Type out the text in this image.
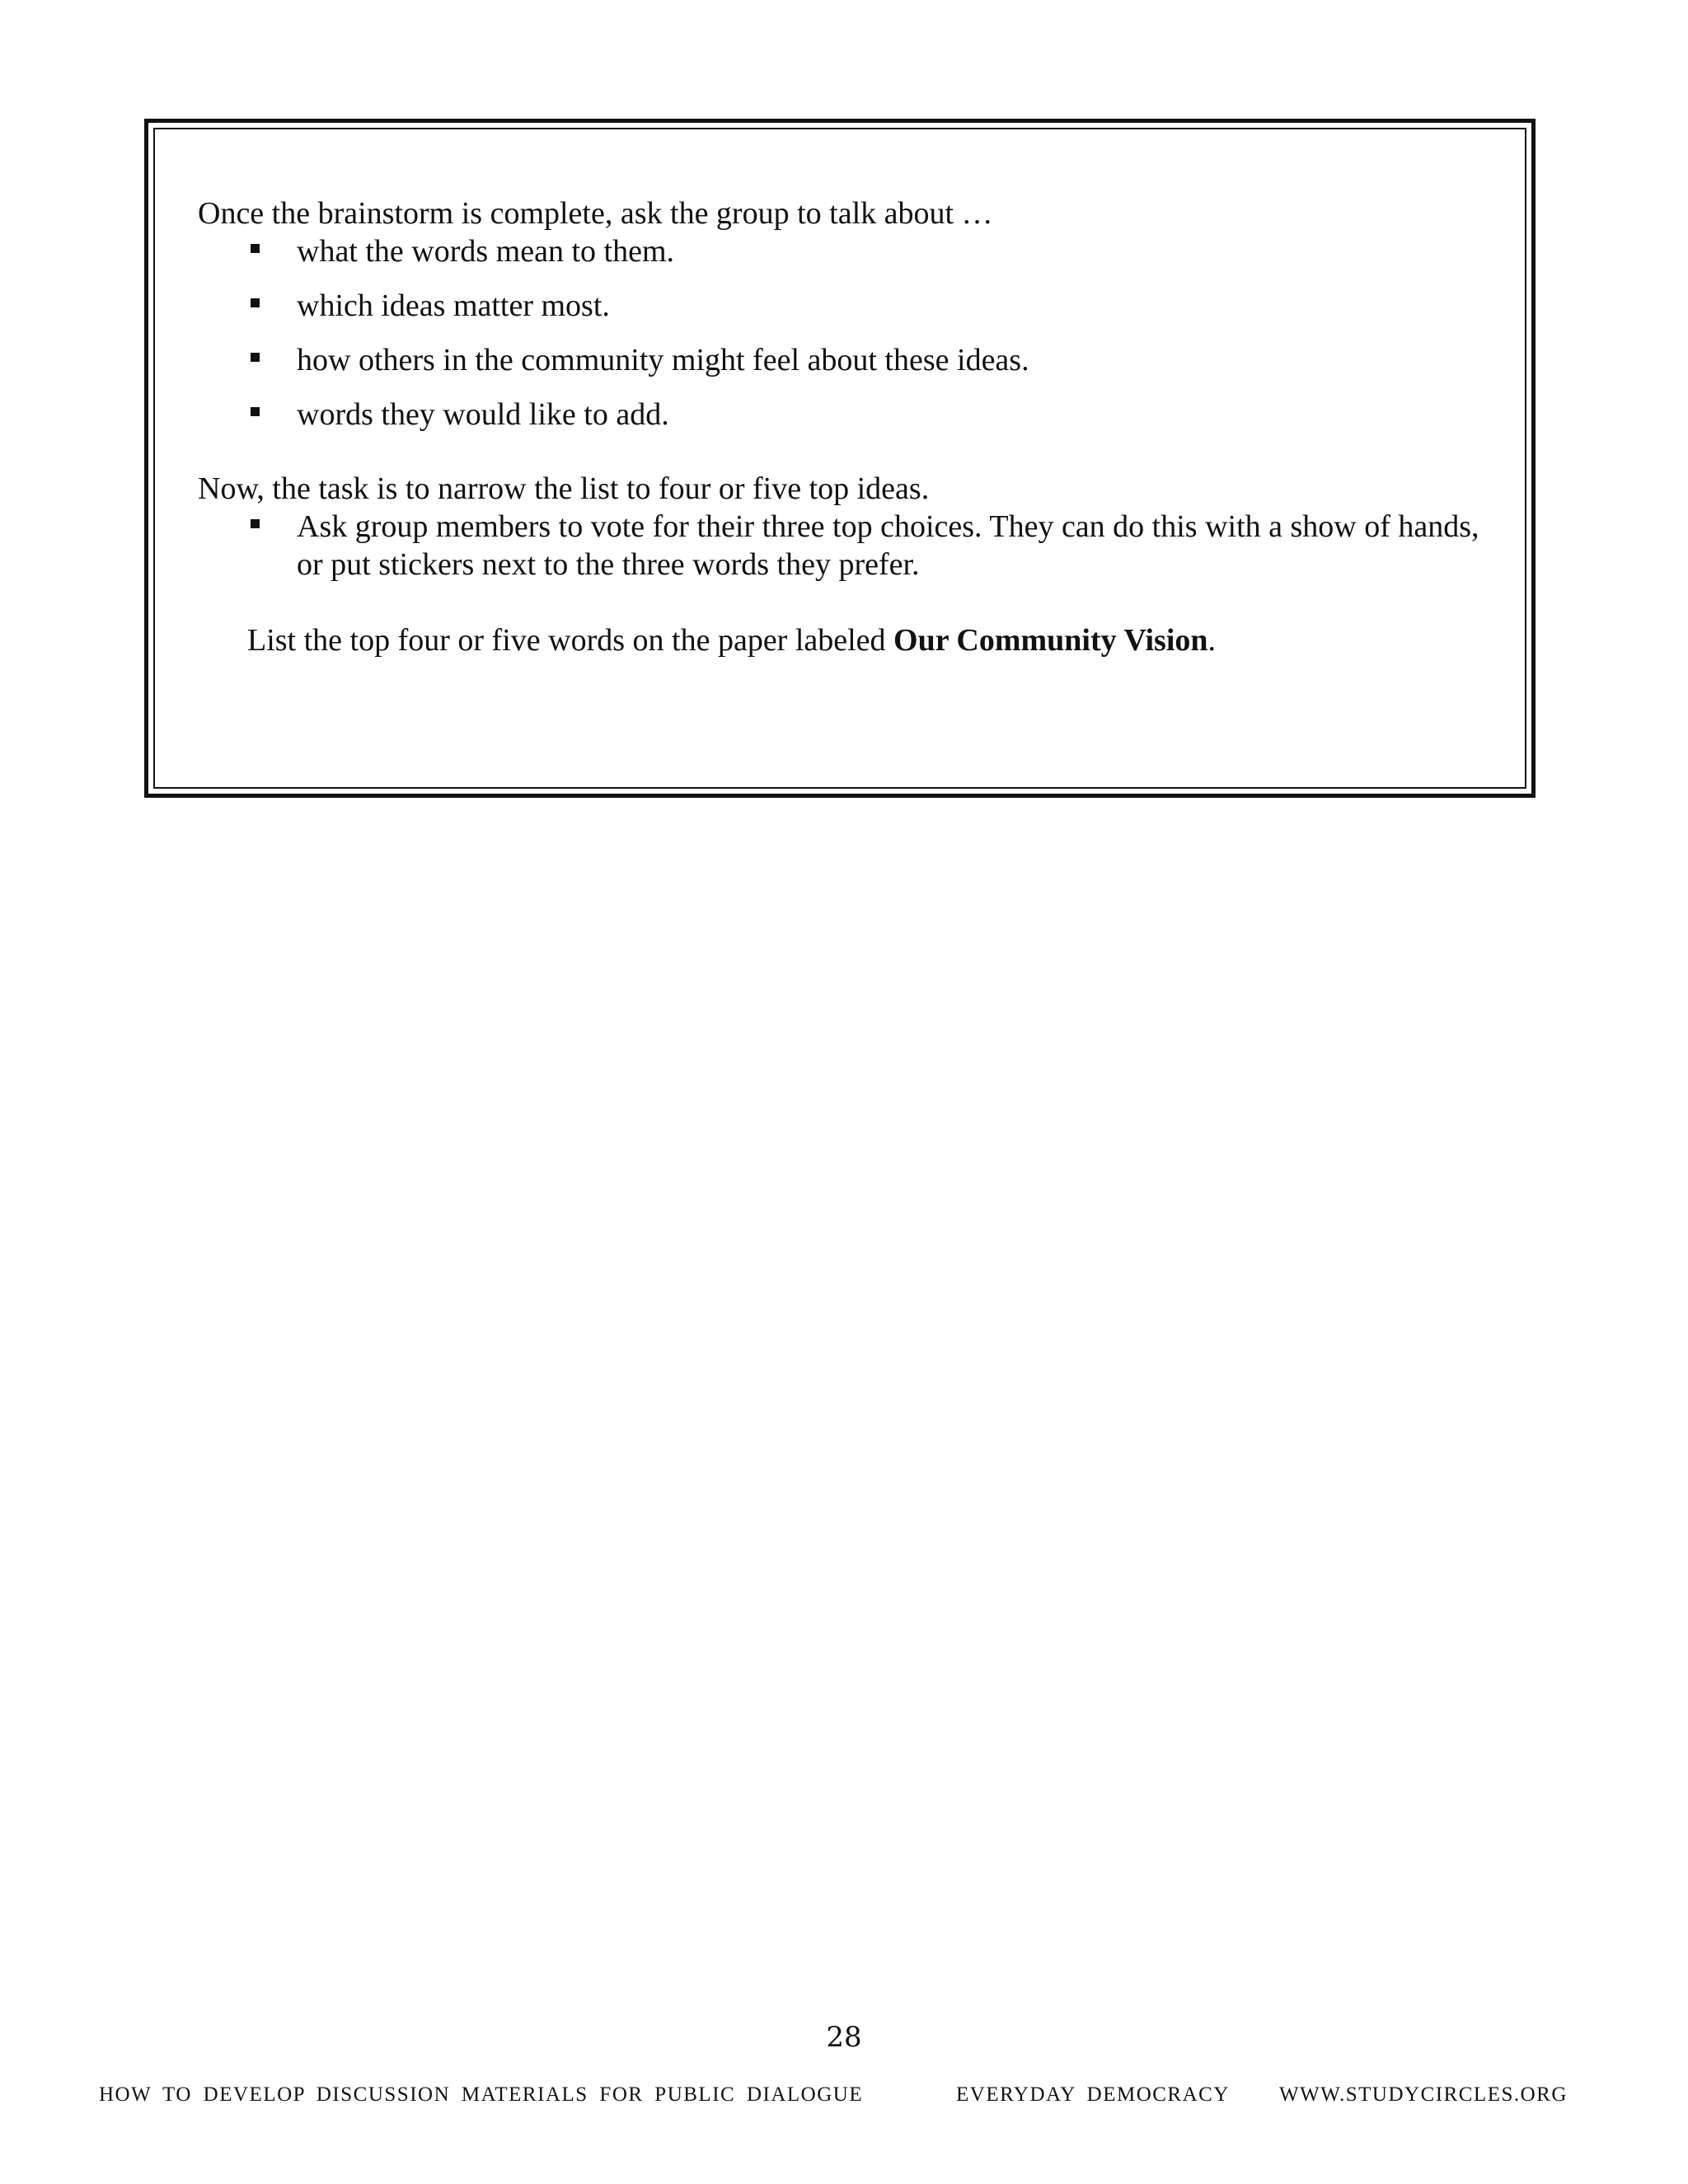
Once the brainstorm is complete, ask the group to talk about …

what the words mean to them.
which ideas matter most.
how others in the community might feel about these ideas.
words they would like to add.

Now, the task is to narrow the list to four or five top ideas.

Ask group members to vote for their three top choices. They can do this with a show of hands, or put stickers next to the three words they prefer.

List the top four or five words on the paper labeled Our Community Vision.

28
HOW TO DEVELOP DISCUSSION MATERIALS FOR PUBLIC DIALOGUE	EVERYDAY DEMOCRACY WWW.STUDYCIRCLES.ORG
